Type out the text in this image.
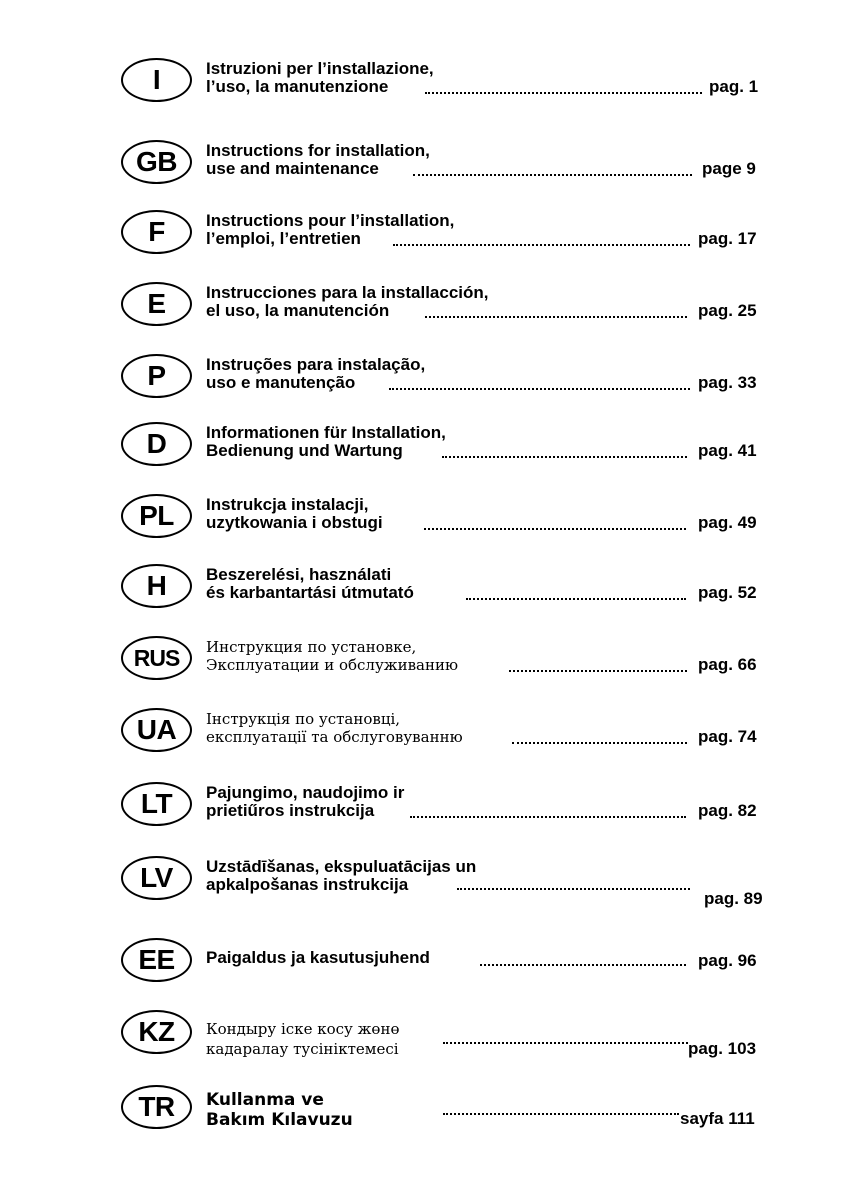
I	Istruzioni per l’installazione,
l’uso, la manutenzione	pag. 1
GB	Instructions for installation,
use and maintenance	page 9
F	Instructions pour l’installation,
l’emploi, l’entretien	pag. 17
E	Instrucciones para la installacción,
el uso, la manutención	pag. 25
P	Instruções para instalação,
uso e manutenção	pag. 33
D	Informationen für Installation,
Bedienung und Wartung	pag. 41
PL	Instrukcja instalacji,
uzytkowania i obstugi	pag. 49
H	Beszerelési, használati
és karbantartási útmutató	pag. 52
RUS	Инструкция по установке,
Эксплуатации и обслуживанию	pag. 66
UA	Інструкція по установці,
експлуатації та обслуговуванню	pag. 74
LT	Pajungimo, naudojimo ir
prietiűros instrukcija	pag. 82
LV	Uzstādīšanas, ekspuluatācijas un
apkalpošanas instrukcija
pag. 89
EE	Paigaldus ja kasutusjuhend	pag. 96
KZ	Кондыру іске косу жөнө
кадаралау тусініктемесі	pag. 103
TR	Kullanma ve
Bakım Kılavuzu	sayfa 111
